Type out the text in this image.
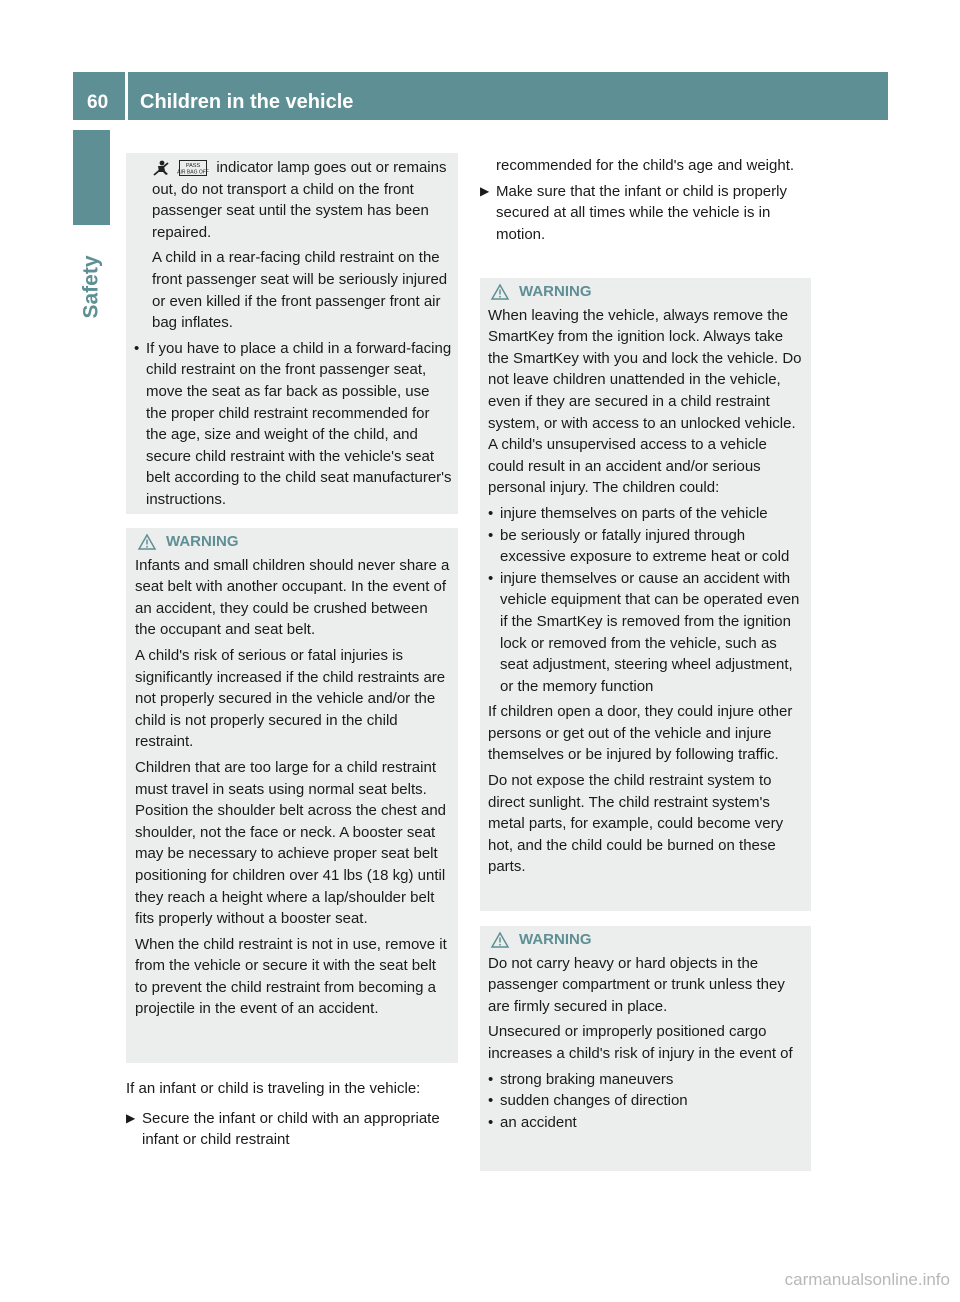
60	Children in the vehicle
Safety

PASS
AIR BAG OFF indicator lamp goes out or remains out, do not transport a child on the front passenger seat until the system has been repaired.

A child in a rear-facing child restraint on the front passenger seat will be seriously injured or even killed if the front passenger front air bag inflates.

• If you have to place a child in a forward-facing child restraint on the front passenger seat, move the seat as far back as possible, use the proper child restraint recommended for the age, size and weight of the child, and secure child restraint with the vehicle's seat belt according to the child seat manufacturer's instructions.
WARNING

Infants and small children should never share a seat belt with another occupant. In the event of an accident, they could be crushed between the occupant and seat belt.

A child's risk of serious or fatal injuries is significantly increased if the child restraints are not properly secured in the vehicle and/or the child is not properly secured in the child restraint.

Children that are too large for a child restraint must travel in seats using normal seat belts. Position the shoulder belt across the chest and shoulder, not the face or neck. A booster seat may be necessary to achieve proper seat belt positioning for children over 41 lbs (18 kg) until they reach a height where a lap/shoulder belt fits properly without a booster seat.

When the child restraint is not in use, remove it from the vehicle or secure it with the seat belt to prevent the child restraint from becoming a projectile in the event of an accident.

If an infant or child is traveling in the vehicle:

▶ Secure the infant or child with an appropriate infant or child restraint

recommended for the child's age and weight.

▶ Make sure that the infant or child is properly secured at all times while the vehicle is in motion.
WARNING

When leaving the vehicle, always remove the SmartKey from the ignition lock. Always take the SmartKey with you and lock the vehicle. Do not leave children unattended in the vehicle, even if they are secured in a child restraint system, or with access to an unlocked vehicle. A child's unsupervised access to a vehicle could result in an accident and/or serious personal injury. The children could:

• injure themselves on parts of the vehicle
• be seriously or fatally injured through excessive exposure to extreme heat or cold
• injure themselves or cause an accident with vehicle equipment that can be operated even if the SmartKey is removed from the ignition lock or removed from the vehicle, such as seat adjustment, steering wheel adjustment, or the memory function

If children open a door, they could injure other persons or get out of the vehicle and injure themselves or be injured by following traffic.

Do not expose the child restraint system to direct sunlight. The child restraint system's metal parts, for example, could become very hot, and the child could be burned on these parts.

WARNING

Do not carry heavy or hard objects in the passenger compartment or trunk unless they are firmly secured in place.

Unsecured or improperly positioned cargo increases a child's risk of injury in the event of

• strong braking maneuvers
• sudden changes of direction
• an accident
carmanualsonline.info
